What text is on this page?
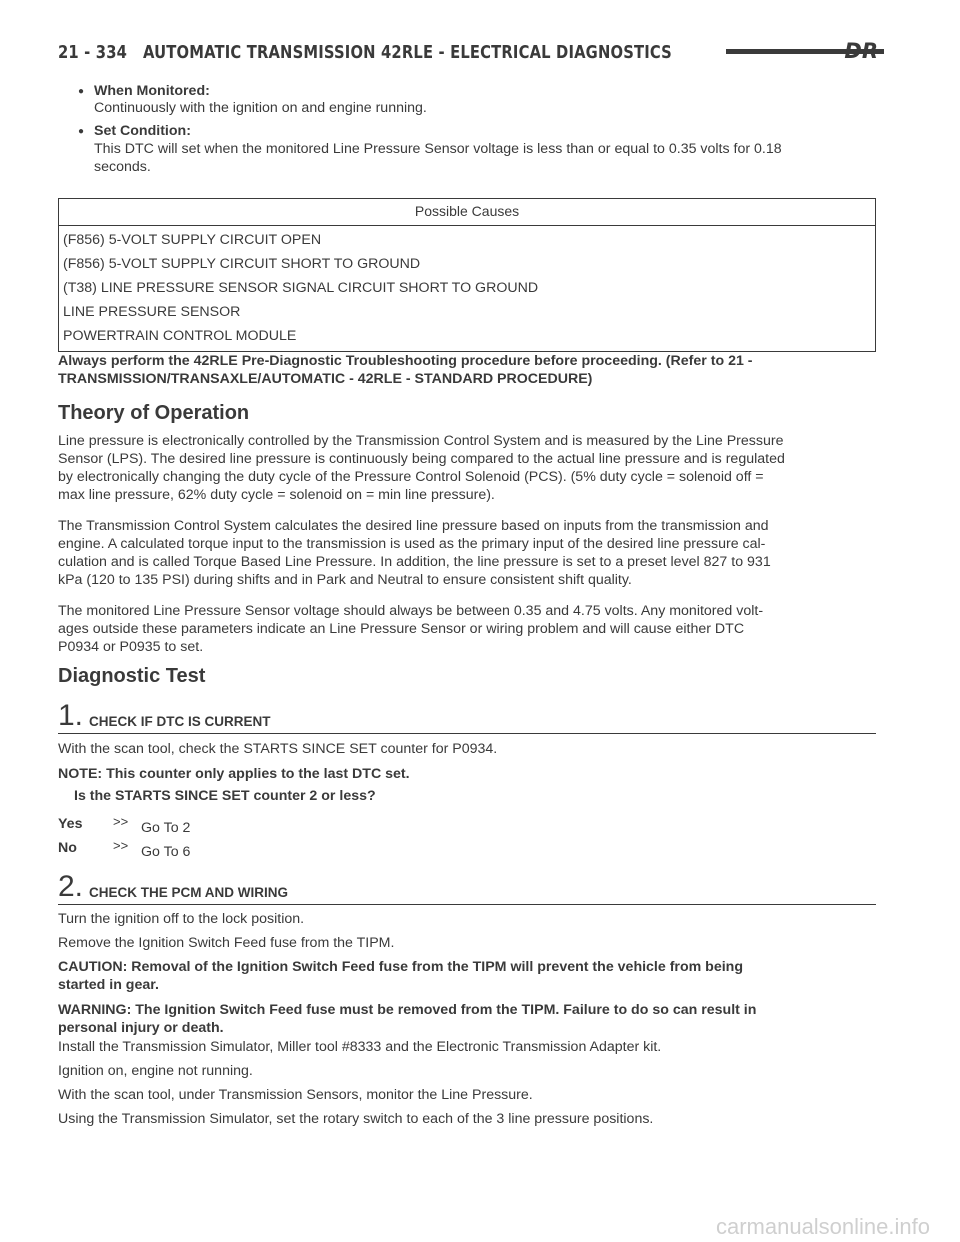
21 - 334 AUTOMATIC TRANSMISSION 42RLE - ELECTRICAL DIAGNOSTICS	DR
● When Monitored:
Continuously with the ignition on and engine running.
● Set Condition:
This DTC will set when the monitored Line Pressure Sensor voltage is less than or equal to 0.35 volts for 0.18
seconds.
Possible Causes
(F856) 5-VOLT SUPPLY CIRCUIT OPEN
(F856) 5-VOLT SUPPLY CIRCUIT SHORT TO GROUND
(T38) LINE PRESSURE SENSOR SIGNAL CIRCUIT SHORT TO GROUND
LINE PRESSURE SENSOR
POWERTRAIN CONTROL MODULE
Always perform the 42RLE Pre-Diagnostic Troubleshooting procedure before proceeding. (Refer to 21 -
TRANSMISSION/TRANSAXLE/AUTOMATIC - 42RLE - STANDARD PROCEDURE)
Theory of Operation
Line pressure is electronically controlled by the Transmission Control System and is measured by the Line Pressure
Sensor (LPS). The desired line pressure is continuously being compared to the actual line pressure and is regulated
by electronically changing the duty cycle of the Pressure Control Solenoid (PCS). (5% duty cycle = solenoid off =
max line pressure, 62% duty cycle = solenoid on = min line pressure).
The Transmission Control System calculates the desired line pressure based on inputs from the transmission and
engine. A calculated torque input to the transmission is used as the primary input of the desired line pressure cal-
culation and is called Torque Based Line Pressure. In addition, the line pressure is set to a preset level 827 to 931
kPa (120 to 135 PSI) during shifts and in Park and Neutral to ensure consistent shift quality.
The monitored Line Pressure Sensor voltage should always be between 0.35 and 4.75 volts. Any monitored volt-
ages outside these parameters indicate an Line Pressure Sensor or wiring problem and will cause either DTC
P0934 or P0935 to set.
Diagnostic Test
1. CHECK IF DTC IS CURRENT
With the scan tool, check the STARTS SINCE SET counter for P0934.
NOTE: This counter only applies to the last DTC set.
Is the STARTS SINCE SET counter 2 or less?
Yes >> Go To 2
No	>> Go To 6
2. CHECK THE PCM AND WIRING
Turn the ignition off to the lock position.
Remove the Ignition Switch Feed fuse from the TIPM.
CAUTION: Removal of the Ignition Switch Feed fuse from the TIPM will prevent the vehicle from being
started in gear.
WARNING: The Ignition Switch Feed fuse must be removed from the TIPM. Failure to do so can result in
personal injury or death.
Install the Transmission Simulator, Miller tool #8333 and the Electronic Transmission Adapter kit.
Ignition on, engine not running.
With the scan tool, under Transmission Sensors, monitor the Line Pressure.
Using the Transmission Simulator, set the rotary switch to each of the 3 line pressure positions.
carmanualsonline.info
